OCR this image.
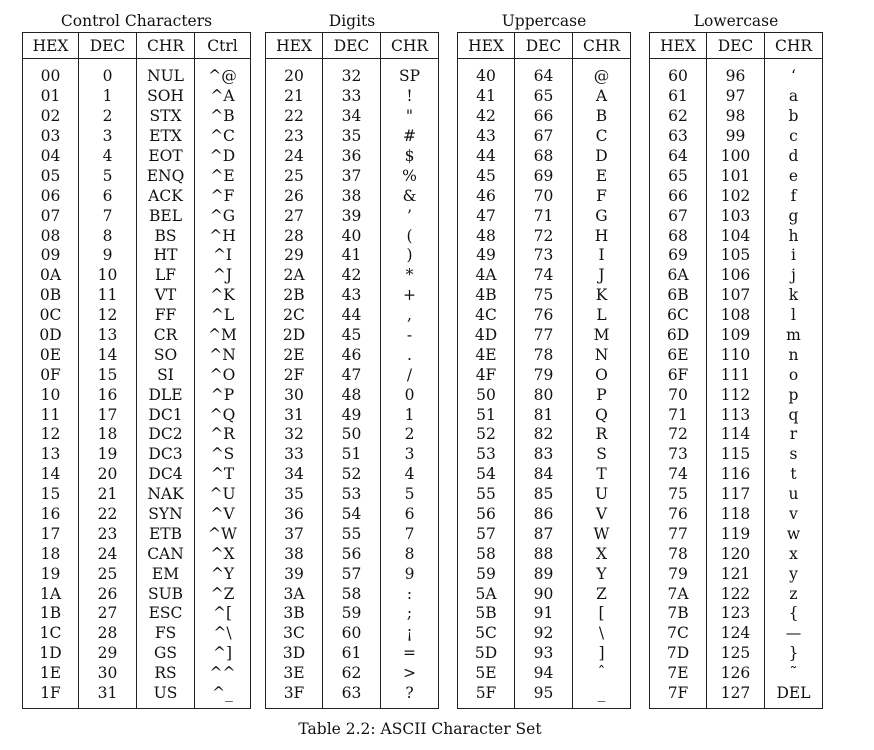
Control Characters
HEX	DEC	CHR	Ctrl
00	0	NUL	^@
01	1	SOH	^A
02	2	STX	^B
03	3	ETX	^C
04	4	EOT	^D
05	5	ENQ	^E
06	6	ACK	^F
07	7	BEL	^G
08	8	BS	^H
09	9	HT	^I
0A	10	LF	^J
0B	11	VT	^K
0C	12	FF	^L
0D	13	CR	^M
0E	14	SO	^N
0F	15	SI	^O
10	16	DLE	^P
11	17	DC1	^Q
12	18	DC2	^R
13	19	DC3	^S
14	20	DC4	^T
15	21	NAK	^U
16	22	SYN	^V
17	23	ETB	^W
18	24	CAN	^X
19	25	EM	^Y
1A	26	SUB	^Z
1B	27	ESC	^[
1C	28	FS	^\
1D	29	GS	^]
1E	30	RS	^^
1F	31	US	^_
Digits
HEX	DEC	CHR
20	32	SP
21	33	!
22	34	"
23	35	#
24	36	$
25	37	%
26	38	&
27	39	’
28	40	(
29	41	)
2A	42	*
2B	43	+
2C	44	,
2D	45	-
2E	46	.
2F	47	/
30	48	0
31	49	1
32	50	2
33	51	3
34	52	4
35	53	5
36	54	6
37	55	7
38	56	8
39	57	9
3A	58	:
3B	59	;
3C	60	¡
3D	61	=
3E	62	>
3F	63	?
Uppercase
HEX	DEC	CHR
40	64	@
41	65	A
42	66	B
43	67	C
44	68	D
45	69	E
46	70	F
47	71	G
48	72	H
49	73	I
4A	74	J
4B	75	K
4C	76	L
4D	77	M
4E	78	N
4F	79	O
50	80	P
51	81	Q
52	82	R
53	83	S
54	84	T
55	85	U
56	86	V
57	87	W
58	88	X
59	89	Y
5A	90	Z
5B	91	[
5C	92	\
5D	93	]
5E	94	ˆ
5F	95	_
Lowercase
HEX	DEC	CHR
60	96	‘
61	97	a
62	98	b
63	99	c
64	100	d
65	101	e
66	102	f
67	103	g
68	104	h
69	105	i
6A	106	j
6B	107	k
6C	108	l
6D	109	m
6E	110	n
6F	111	o
70	112	p
71	113	q
72	114	r
73	115	s
74	116	t
75	117	u
76	118	v
77	119	w
78	120	x
79	121	y
7A	122	z
7B	123	{
7C	124	—
7D	125	}
7E	126	˜
7F	127	DEL
Table 2.2: ASCII Character Set
